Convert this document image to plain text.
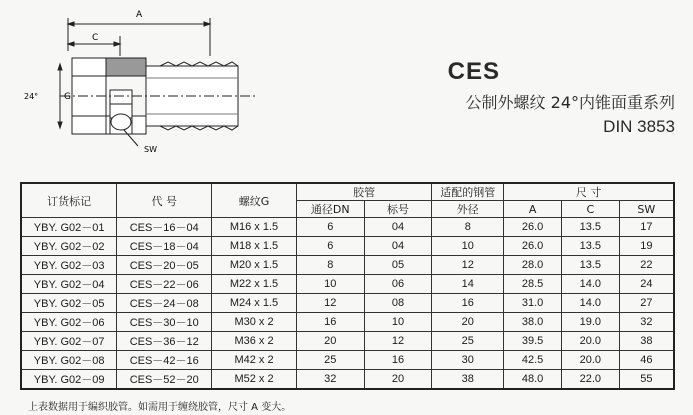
A
C
G
24°
SW
CES
公制外螺纹 24°内锥面重系列
DIN 3853
订货标记	代 号	螺纹G	胶管		适配的钢管	尺 寸		
			通径DN	标号	外径	A	C	SW
YBY. G02－01	CES－16－04	M16 x 1.5	6	04	8	26.0	13.5	17
YBY. G02－02	CES－18－04	M18 x 1.5	6	04	10	26.0	13.5	19
YBY. G02－03	CES－20－05	M20 x 1.5	8	05	12	28.0	13.5	22
YBY. G02－04	CES－22－06	M22 x 1.5	10	06	14	28.5	14.0	24
YBY. G02－05	CES－24－08	M24 x 1.5	12	08	16	31.0	14.0	27
YBY. G02－06	CES－30－10	M30 x 2	16	10	20	38.0	19.0	32
YBY. G02－07	CES－36－12	M36 x 2	20	12	25	39.5	20.0	38
YBY. G02－08	CES－42－16	M42 x 2	25	16	30	42.5	20.0	46
YBY. G02－09	CES－52－20	M52 x 2	32	20	38	48.0	22.0	55
上表数据用于编织胶管。如需用于缠绕胶管，尺寸 A 变大。
